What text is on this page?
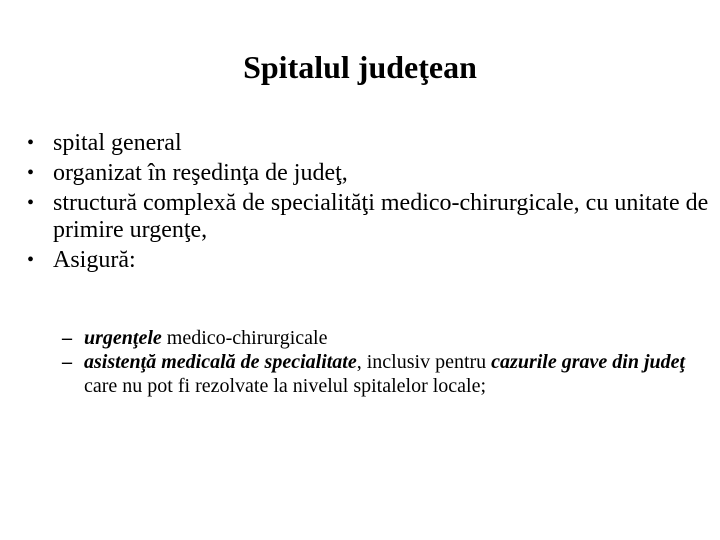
Spitalul judeţean
• spital general
• organizat în reşedinţa de judeţ,
• structură complexă de specialităţi medico-chirurgicale, cu unitate de primire urgenţe,
• Asigură:
– urgenţele medico-chirurgicale
– asistenţă medicală de specialitate, inclusiv pentru cazurile grave din judeţ care nu pot fi rezolvate la nivelul spitalelor locale;
